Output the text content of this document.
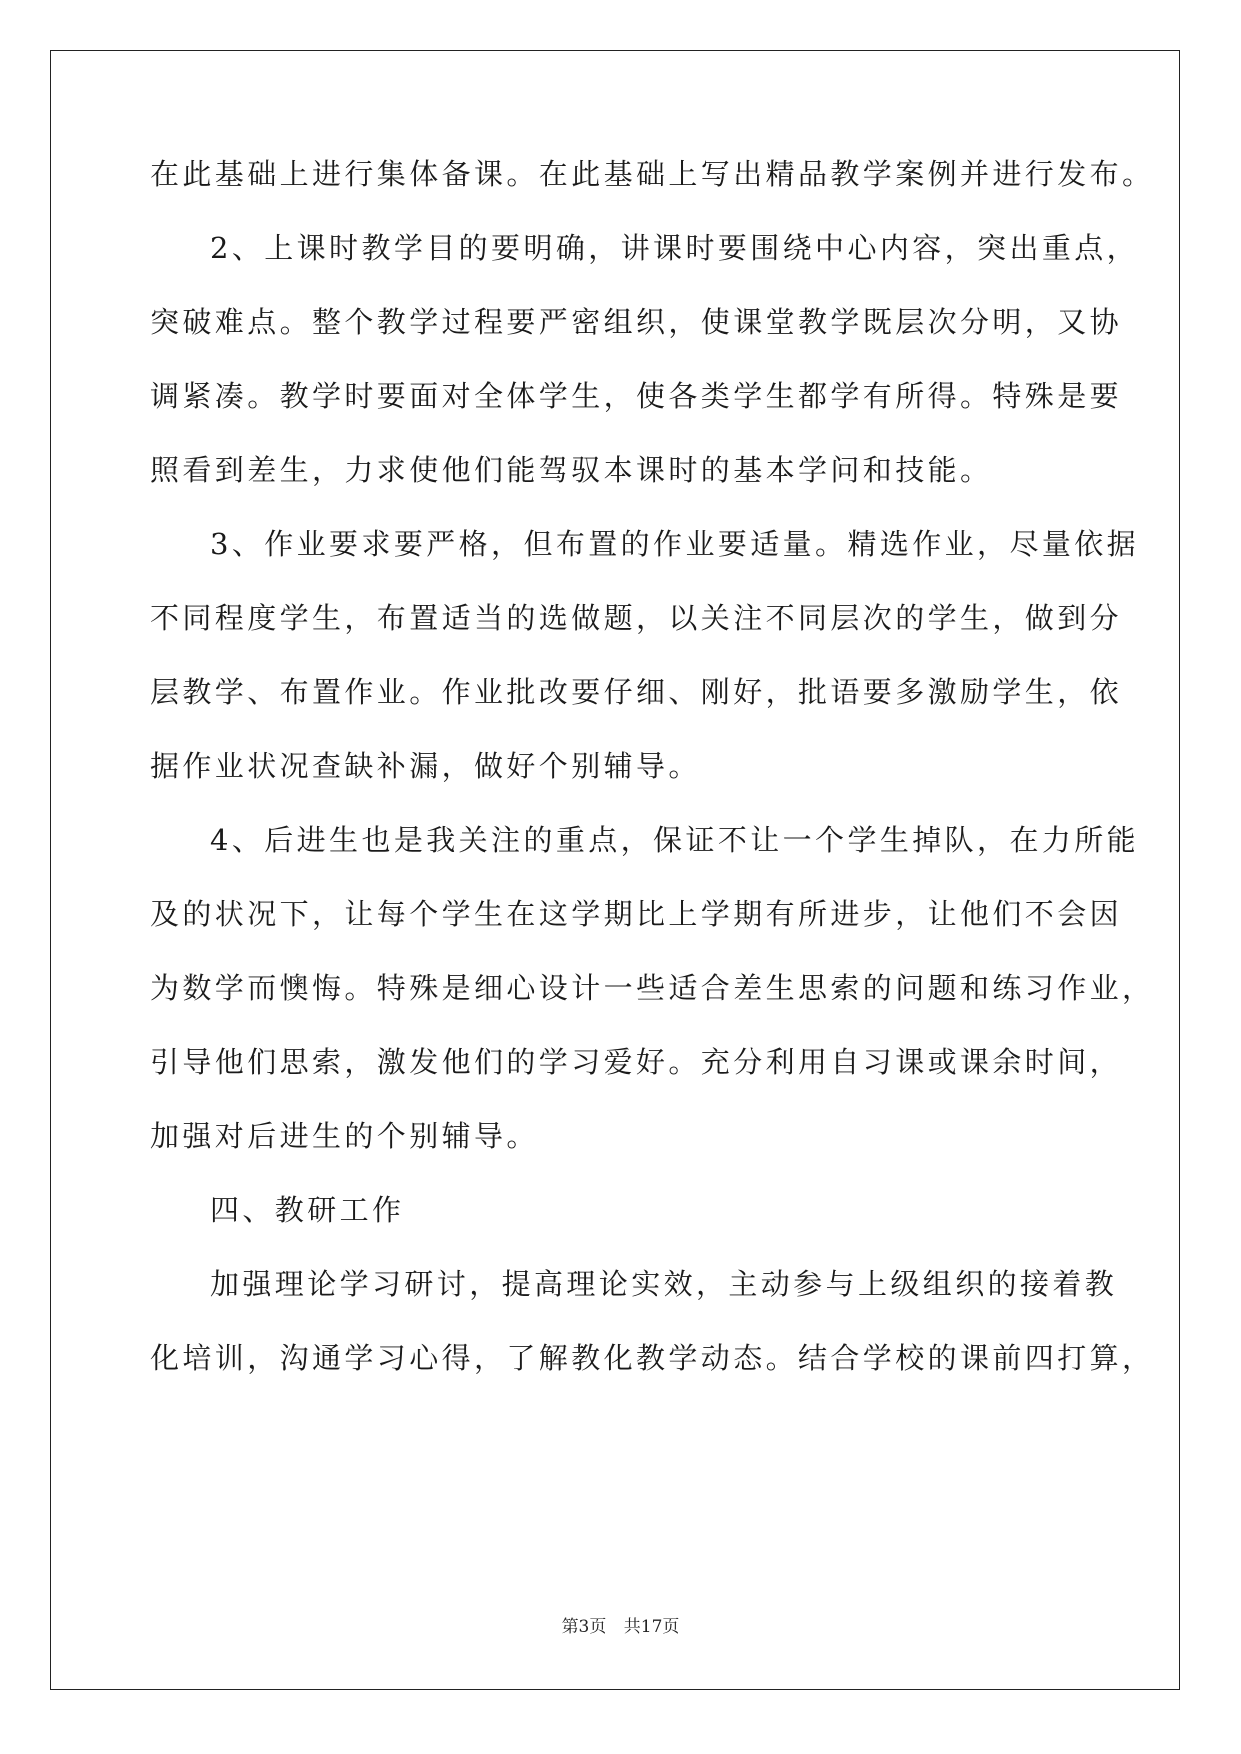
在此基础上进行集体备课。在此基础上写出精品教学案例并进行发布。
2、上课时教学目的要明确，讲课时要围绕中心内容，突出重点，
突破难点。整个教学过程要严密组织，使课堂教学既层次分明，又协
调紧凑。教学时要面对全体学生，使各类学生都学有所得。特殊是要
照看到差生，力求使他们能驾驭本课时的基本学问和技能。
3、作业要求要严格，但布置的作业要适量。精选作业，尽量依据
不同程度学生，布置适当的选做题，以关注不同层次的学生，做到分
层教学、布置作业。作业批改要仔细、刚好，批语要多激励学生，依
据作业状况查缺补漏，做好个别辅导。
4、后进生也是我关注的重点，保证不让一个学生掉队，在力所能
及的状况下，让每个学生在这学期比上学期有所进步，让他们不会因
为数学而懊悔。特殊是细心设计一些适合差生思索的问题和练习作业，
引导他们思索，激发他们的学习爱好。充分利用自习课或课余时间，
加强对后进生的个别辅导。
四、教研工作
加强理论学习研讨，提高理论实效，主动参与上级组织的接着教
化培训，沟通学习心得，了解教化教学动态。结合学校的课前四打算，
第3页 共17页
